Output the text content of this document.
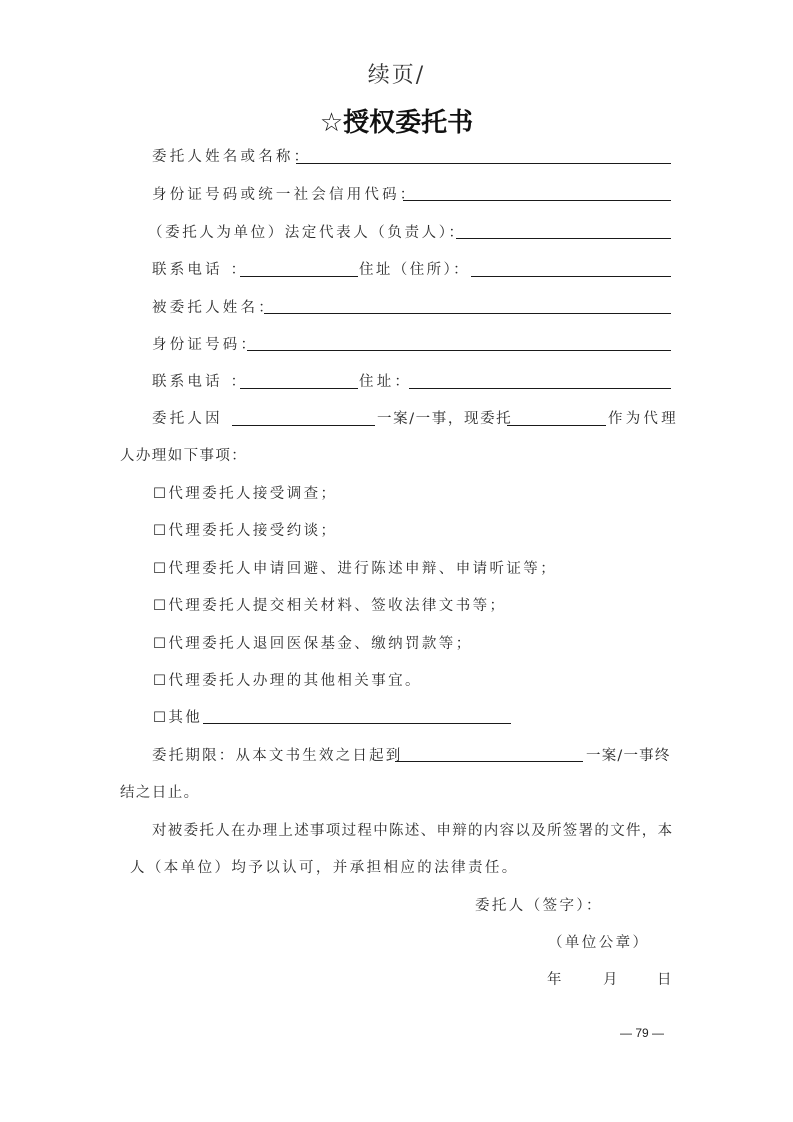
续页/
☆授权委托书
委托人姓名或名称：
身份证号码或统一社会信用代码：
（委托人为单位）法定代表人（负责人）：
联系电话 ：	住址（住所）：
被委托人姓名：
身份证号码：
联系电话 ：	住址：
委托人因	一案/一事，现委托	作为代理
人办理如下事项：
☐代理委托人接受调查；
☐代理委托人接受约谈；
☐代理委托人申请回避、进行陈述申辩、申请听证等；
☐代理委托人提交相关材料、签收法律文书等；
☐代理委托人退回医保基金、缴纳罚款等；
☐代理委托人办理的其他相关事宜。
☐其他
委托期限：从本文书生效之日起到	一案/一事终
结之日止。
对被委托人在办理上述事项过程中陈述、申辩的内容以及所签署的文件，本
人（本单位）均予以认可，并承担相应的法律责任。
委托人（签字）：
（单位公章）
年	月	日
— 79 —
